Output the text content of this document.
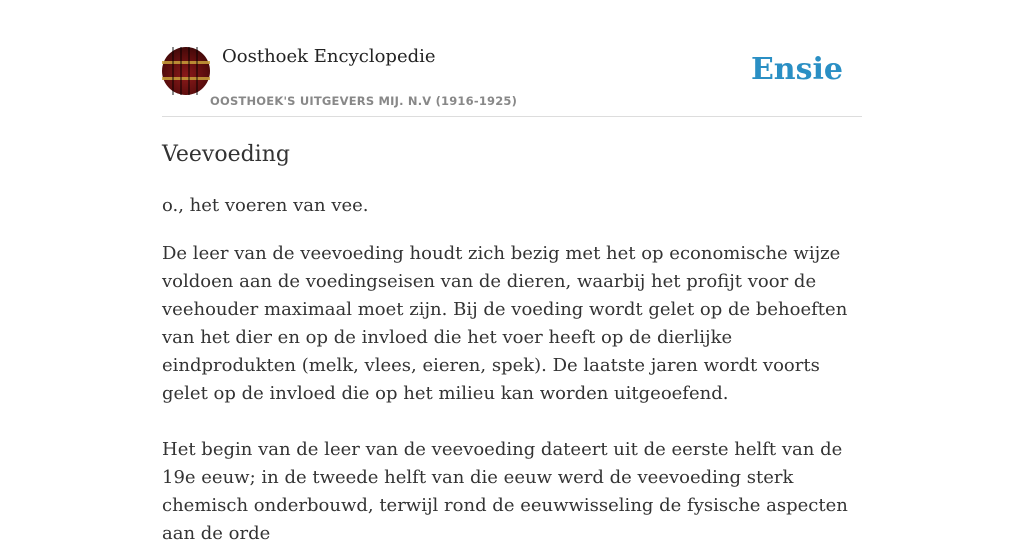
Oosthoek Encyclopedie
OOSTHOEK'S UITGEVERS MIJ. N.V (1916-1925)
Ensie
Veevoeding

o., het voeren van vee.

De leer van de veevoeding houdt zich bezig met het op economische wijze voldoen aan de voedingseisen van de dieren, waarbij het profijt voor de veehouder maximaal moet zijn. Bij de voeding wordt gelet op de behoeften van het dier en op de invloed die het voer heeft op de dierlijke eindprodukten (melk, vlees, eieren, spek). De laatste jaren wordt voorts gelet op de invloed die op het milieu kan worden uitgeoefend.

Het begin van de leer van de veevoeding dateert uit de eerste helft van de 19e eeuw; in de tweede helft van die eeuw werd de veevoeding sterk chemisch onderbouwd, terwijl rond de eeuwwisseling de fysische aspecten aan de orde
